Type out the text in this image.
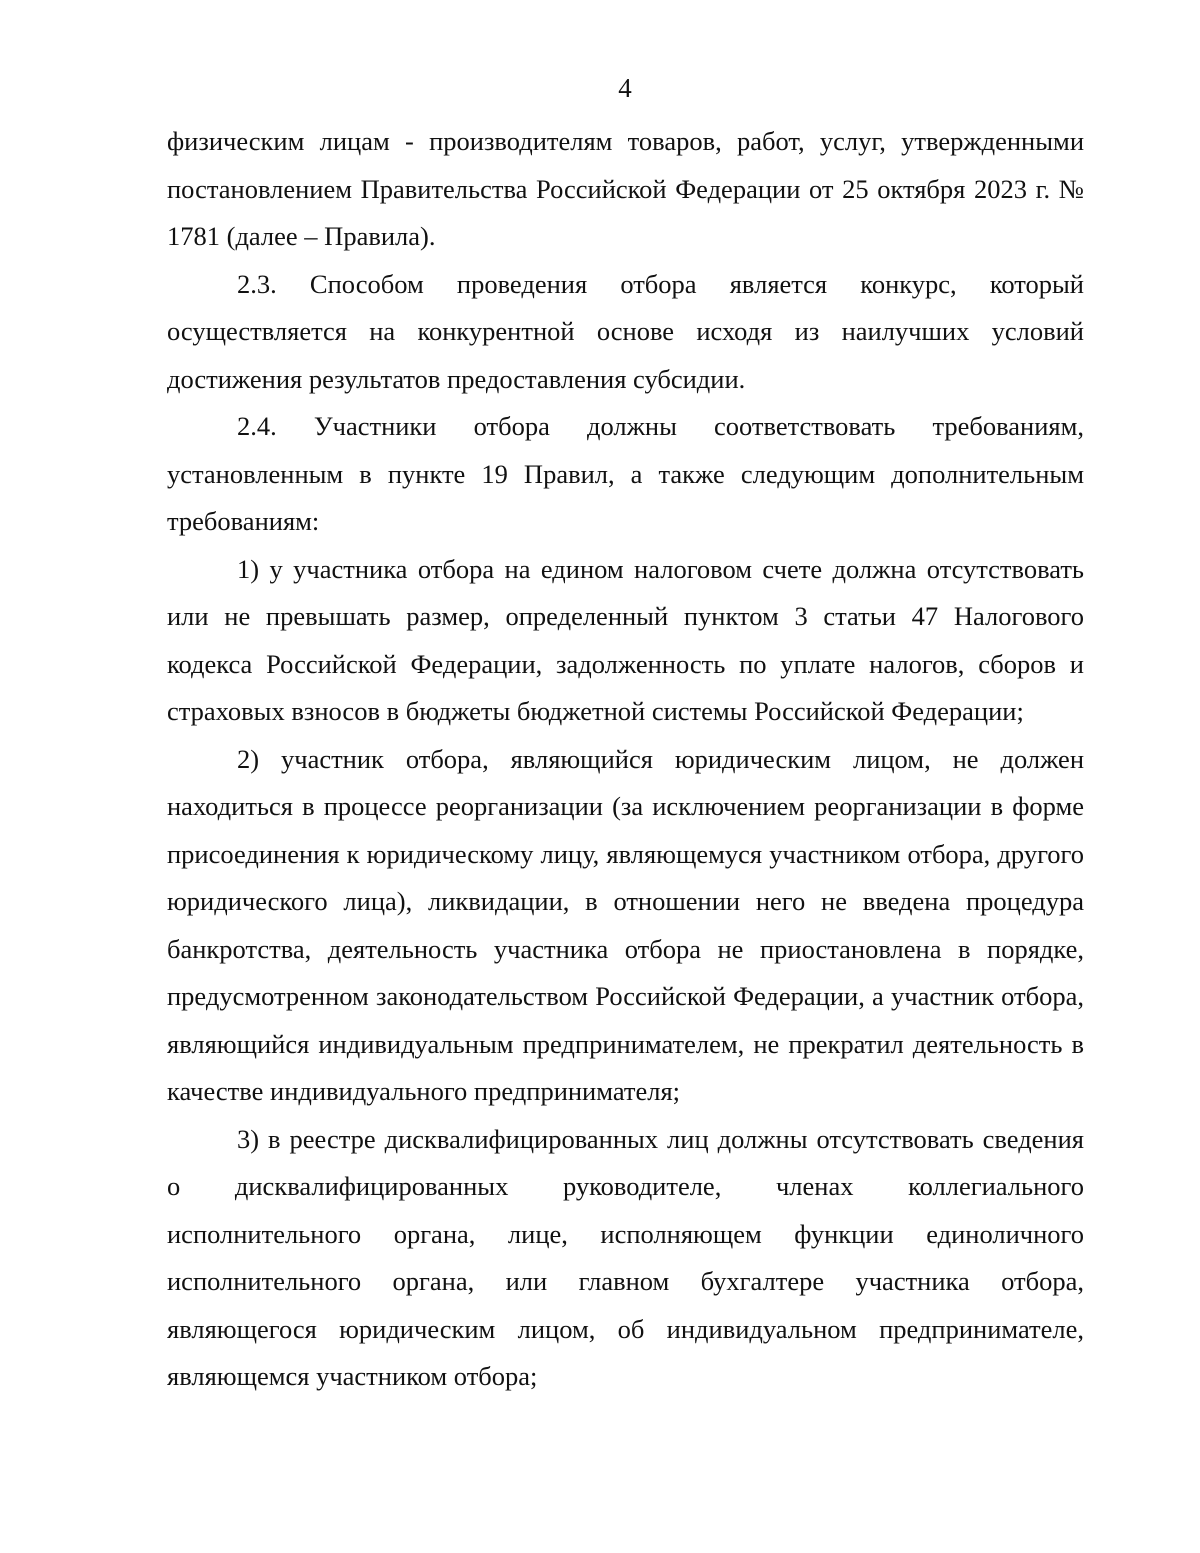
4

физическим лицам - производителям товаров, работ, услуг, утвержденными постановлением Правительства Российской Федерации от 25 октября 2023 г. № 1781 (далее – Правила).

2.3. Способом проведения отбора является конкурс, который осуществляется на конкурентной основе исходя из наилучших условий достижения результатов предоставления субсидии.

2.4. Участники отбора должны соответствовать требованиям, установленным в пункте 19 Правил, а также следующим дополнительным требованиям:

1) у участника отбора на едином налоговом счете должна отсутствовать или не превышать размер, определенный пунктом 3 статьи 47 Налогового кодекса Российской Федерации, задолженность по уплате налогов, сборов и страховых взносов в бюджеты бюджетной системы Российской Федерации;

2) участник отбора, являющийся юридическим лицом, не должен находиться в процессе реорганизации (за исключением реорганизации в форме присоединения к юридическому лицу, являющемуся участником отбора, другого юридического лица), ликвидации, в отношении него не введена процедура банкротства, деятельность участника отбора не приостановлена в порядке, предусмотренном законодательством Российской Федерации, а участник отбора, являющийся индивидуальным предпринимателем, не прекратил деятельность в качестве индивидуального предпринимателя;

3) в реестре дисквалифицированных лиц должны отсутствовать сведения о дисквалифицированных руководителе, членах коллегиального исполнительного органа, лице, исполняющем функции единоличного исполнительного органа, или главном бухгалтере участника отбора, являющегося юридическим лицом, об индивидуальном предпринимателе, являющемся участником отбора;
